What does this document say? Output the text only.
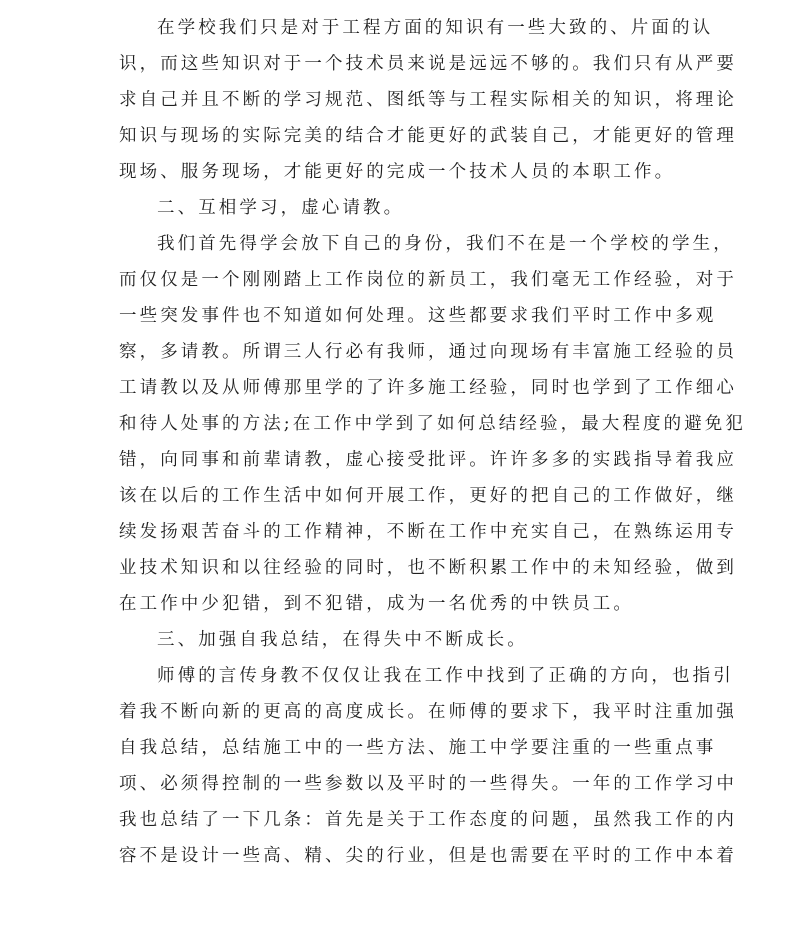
在学校我们只是对于工程方面的知识有一些大致的、片面的认
识，而这些知识对于一个技术员来说是远远不够的。我们只有从严要
求自己并且不断的学习规范、图纸等与工程实际相关的知识，将理论
知识与现场的实际完美的结合才能更好的武装自己，才能更好的管理
现场、服务现场，才能更好的完成一个技术人员的本职工作。
二、互相学习，虚心请教。
我们首先得学会放下自己的身份，我们不在是一个学校的学生，
而仅仅是一个刚刚踏上工作岗位的新员工，我们毫无工作经验，对于
一些突发事件也不知道如何处理。这些都要求我们平时工作中多观
察，多请教。所谓三人行必有我师，通过向现场有丰富施工经验的员
工请教以及从师傅那里学的了许多施工经验，同时也学到了工作细心
和待人处事的方法;在工作中学到了如何总结经验，最大程度的避免犯
错，向同事和前辈请教，虚心接受批评。许许多多的实践指导着我应
该在以后的工作生活中如何开展工作，更好的把自己的工作做好，继
续发扬艰苦奋斗的工作精神，不断在工作中充实自己，在熟练运用专
业技术知识和以往经验的同时，也不断积累工作中的未知经验，做到
在工作中少犯错，到不犯错，成为一名优秀的中铁员工。
三、加强自我总结，在得失中不断成长。
师傅的言传身教不仅仅让我在工作中找到了正确的方向，也指引
着我不断向新的更高的高度成长。在师傅的要求下，我平时注重加强
自我总结，总结施工中的一些方法、施工中学要注重的一些重点事
项、必须得控制的一些参数以及平时的一些得失。一年的工作学习中
我也总结了一下几条：首先是关于工作态度的问题，虽然我工作的内
容不是设计一些高、精、尖的行业，但是也需要在平时的工作中本着
